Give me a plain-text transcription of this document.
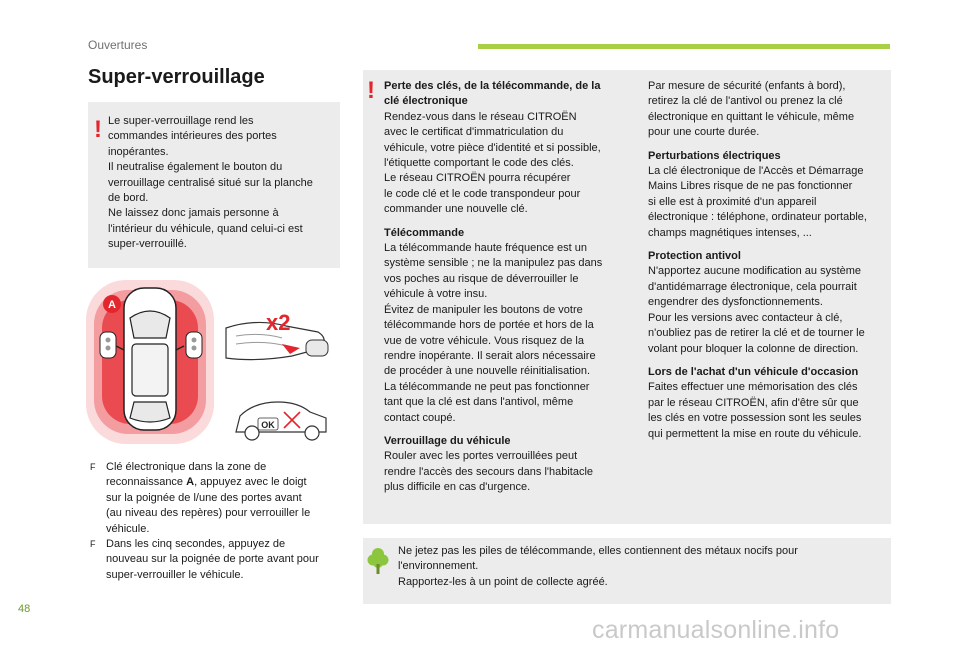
Ouvertures
Super-verrouillage
! Le super-verrouillage rend les

commandes intérieures des portes

inopérantes.

Il neutralise également le bouton du

verrouillage centralisé situé sur la planche

de bord.

Ne laissez donc jamais personne à

l'intérieur du véhicule, quand celui-ci est

super-verrouillé.

A
x2
OK
F Clé électronique dans la zone de

reconnaissance A, appuyez avec le doigt

sur la poignée de l/une des portes avant

(au niveau des repères) pour verrouiller le

véhicule.

F Dans les cinq secondes, appuyez de

nouveau sur la poignée de porte avant pour

super-verrouiller le véhicule.

! Perte des clés, de la télécommande, de la

clé électronique

Rendez-vous dans le réseau CITROËN

avec le certificat d'immatriculation du

véhicule, votre pièce d'identité et si possible,

l'étiquette comportant le code des clés.

Le réseau CITROËN pourra récupérer

le code clé et le code transpondeur pour

commander une nouvelle clé.

Télécommande

La télécommande haute fréquence est un

système sensible ; ne la manipulez pas dans

vos poches au risque de déverrouiller le

véhicule à votre insu.

Évitez de manipuler les boutons de votre

télécommande hors de portée et hors de la

vue de votre véhicule. Vous risquez de la

rendre inopérante. Il serait alors nécessaire

de procéder à une nouvelle réinitialisation.

La télécommande ne peut pas fonctionner

tant que la clé est dans l'antivol, même

contact coupé.

Verrouillage du véhicule

Rouler avec les portes verrouillées peut

rendre l'accès des secours dans l'habitacle

plus difficile en cas d'urgence.

Par mesure de sécurité (enfants à bord),

retirez la clé de l'antivol ou prenez la clé

électronique en quittant le véhicule, même

pour une courte durée.

Perturbations électriques

La clé électronique de l'Accès et Démarrage

Mains Libres risque de ne pas fonctionner

si elle est à proximité d'un appareil

électronique : téléphone, ordinateur portable,

champs magnétiques intenses, ...

Protection antivol

N'apportez aucune modification au système

d'antidémarrage électronique, cela pourrait

engendrer des dysfonctionnements.

Pour les versions avec contacteur à clé,

n'oubliez pas de retirer la clé et de tourner le

volant pour bloquer la colonne de direction.

Lors de l'achat d'un véhicule d'occasion

Faites effectuer une mémorisation des clés

par le réseau CITROËN, afin d'être sûr que

les clés en votre possession sont les seules

qui permettent la mise en route du véhicule.

Ne jetez pas les piles de télécommande, elles contiennent des métaux nocifs pour

l'environnement.

Rapportez-les à un point de collecte agréé.

48
carmanualsonline.info
